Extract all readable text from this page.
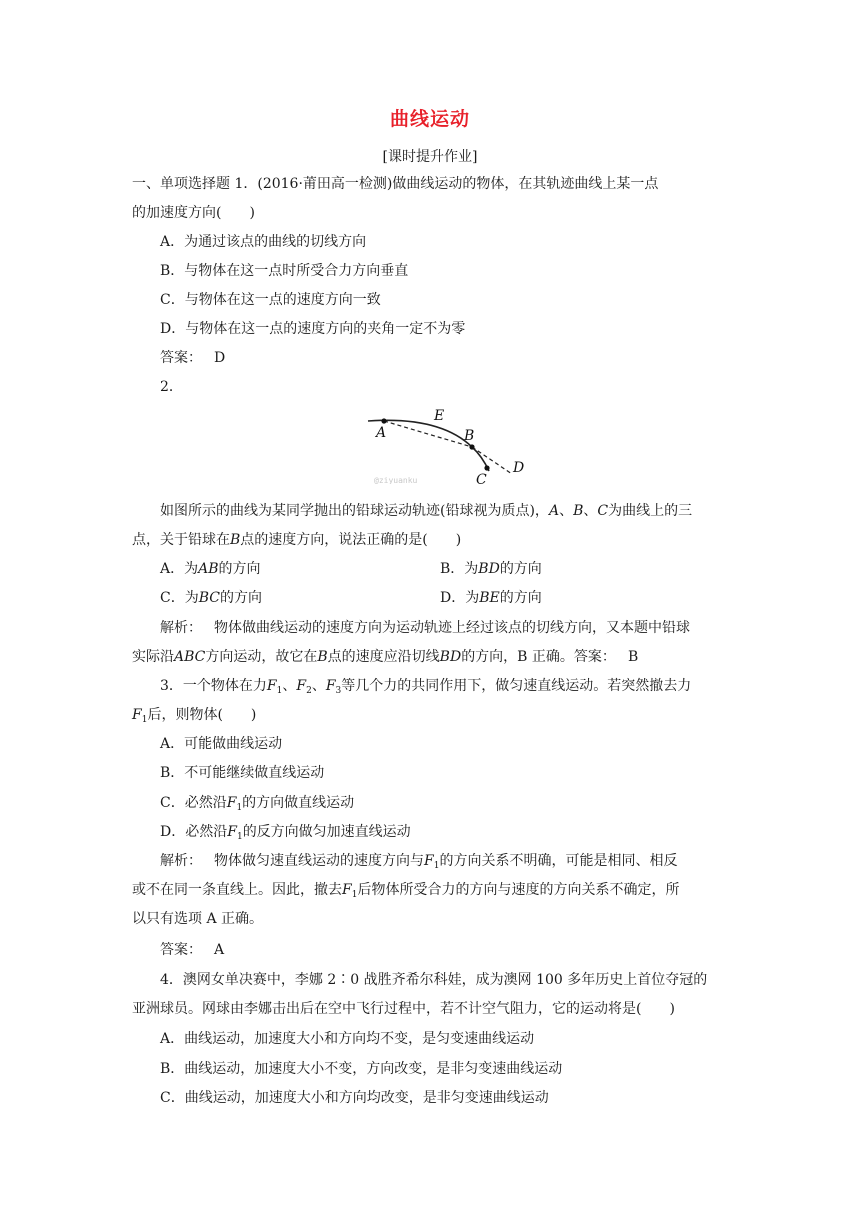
曲线运动
[课时提升作业]
一、单项选择题 1．(2016·莆田高一检测)做曲线运动的物体，在其轨迹曲线上某一点
的加速度方向(　　)
A．为通过该点的曲线的切线方向
B．与物体在这一点时所受合力方向垂直
C．与物体在这一点的速度方向一致
D．与物体在这一点的速度方向的夹角一定不为零
答案： D
2．
E
A	B
C
D
@ziyuanku
如图所示的曲线为某同学抛出的铅球运动轨迹(铅球视为质点)，A、B、C为曲线上的三
点，关于铅球在B点的速度方向，说法正确的是(　　)
A．为AB的方向	B．为BD的方向
C．为BC的方向	D．为BE的方向
解析： 物体做曲线运动的速度方向为运动轨迹上经过该点的切线方向，又本题中铅球
实际沿ABC方向运动，故它在B点的速度应沿切线BD的方向，B 正确。答案： B
3．一个物体在力$F_1$、$F_2$、$F_3$等几个力的共同作用下，做匀速直线运动。若突然撤去力
$F_1$后，则物体(　　)
A．可能做曲线运动
B．不可能继续做直线运动
C．必然沿$F_1$的方向做直线运动
D．必然沿$F_1$的反方向做匀加速直线运动
解析： 物体做匀速直线运动的速度方向与$F_1$的方向关系不明确，可能是相同、相反
或不在同一条直线上。因此，撤去$F_1$后物体所受合力的方向与速度的方向关系不确定，所
以只有选项 A 正确。
答案： A
4．澳网女单决赛中，李娜 2∶0 战胜齐希尔科娃，成为澳网 100 多年历史上首位夺冠的
亚洲球员。网球由李娜击出后在空中飞行过程中，若不计空气阻力，它的运动将是(　　)
A．曲线运动，加速度大小和方向均不变，是匀变速曲线运动
B．曲线运动，加速度大小不变，方向改变，是非匀变速曲线运动
C．曲线运动，加速度大小和方向均改变，是非匀变速曲线运动
